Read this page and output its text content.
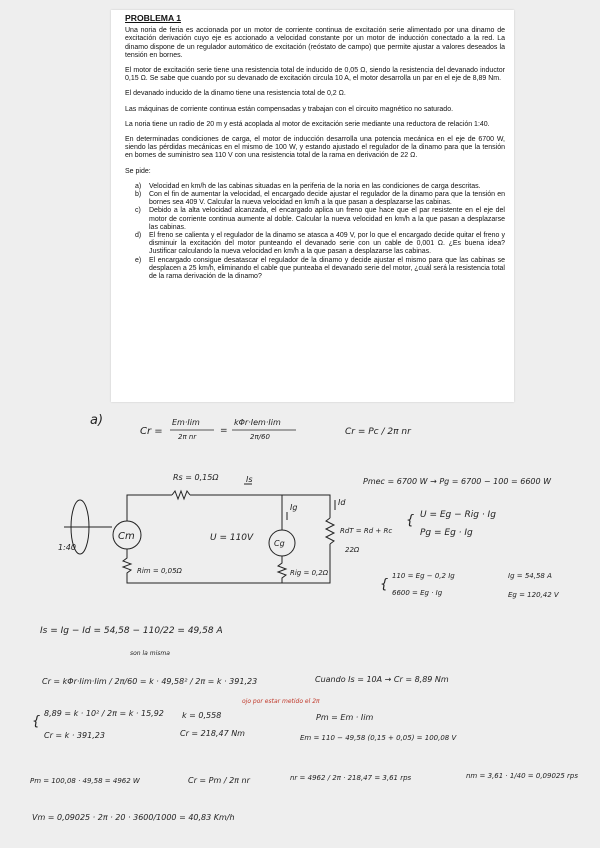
PROBLEMA 1

Una noria de feria es accionada por un motor de corriente continua de excitación serie alimentado por una dinamo de excitación derivación cuyo eje es accionado a velocidad constante por un motor de inducción conectado a la red. La dinamo dispone de un regulador automático de excitación (reóstato de campo) que permite ajustar a valores deseados la tensión en bornes.

El motor de excitación serie tiene una resistencia total de inducido de 0,05 Ω, siendo la resistencia del devanado inductor 0,15 Ω. Se sabe que cuando por su devanado de excitación circula 10 A, el motor desarrolla un par en el eje de 8,89 Nm.

El devanado inducido de la dinamo tiene una resistencia total de 0,2 Ω.

Las máquinas de corriente continua están compensadas y trabajan con el circuito magnético no saturado.

La noria tiene un radio de 20 m y está acoplada al motor de excitación serie mediante una reductora de relación 1:40.

En determinadas condiciones de carga, el motor de inducción desarrolla una potencia mecánica en el eje de 6700 W, siendo las pérdidas mecánicas en el mismo de 100 W, y estando ajustado el regulador de la dinamo para que la tensión en bornes de suministro sea 110 V con una resistencia total de la rama en derivación de 22 Ω.

Se pide:

a) Velocidad en km/h de las cabinas situadas en la periferia de la noria en las condiciones de carga descritas.
b) Con el fin de aumentar la velocidad, el encargado decide ajustar el regulador de la dinamo para que la tensión en bornes sea 409 V. Calcular la nueva velocidad en km/h a la que pasan a desplazarse las cabinas.
c) Debido a la alta velocidad alcanzada, el encargado aplica un freno que hace que el par resistente en el eje del motor de corriente continua aumente al doble. Calcular la nueva velocidad en km/h a la que pasan a desplazarse las cabinas.
d) El freno se calienta y el regulador de la dinamo se atasca a 409 V, por lo que el encargado decide quitar el freno y disminuir la excitación del motor punteando el devanado serie con un cable de 0,001 Ω. ¿Es buena idea? Justificar calculando la nueva velocidad en km/h a la que pasan a desplazarse las cabinas.
e) El encargado consigue desatascar el regulador de la dinamo y decide ajustar el mismo para que las cabinas se desplacen a 25 km/h, eliminando el cable que punteaba el devanado serie del motor, ¿cuál será la resistencia total de la rama derivación de la dinamo?
a)
Cr =
Em·Iim
2π nr
=
kΦr·Iem·Iim
2π/60	Cr = Pc / 2π nr
Rs = 0,15Ω	Is
Ig
Id
U = 110V
Cm
Cg
1:40
Rim = 0,05Ω	Rig = 0,2Ω
RdT = Rd + Rc
22Ω
Pmec = 6700 W → Pg = 6700 − 100 = 6600 W
{ U = Eg − Rig · Ig
Pg = Eg · Ig
{
110 = Eg − 0,2 Ig
6600 = Eg · Ig
Ig = 54,58 A
Eg = 120,42 V
Is = Ig − Id = 54,58 − 110/22 = 49,58 A
son la misma
Cr = kΦr·Iim·Iim / 2π/60 = k · 49,58² / 2π = k · 391,23	Cuando Is = 10A → Cr = 8,89 Nm
ojo por estar metido el 2π
{
8,89 = k · 10² / 2π = k · 15,92
Cr = k · 391,23
k = 0,558
Cr = 218,47 Nm
Pm = Em · Iim
Em = 110 − 49,58 (0,15 + 0,05) = 100,08 V
Pm = 100,08 · 49,58 = 4962 W	Cr = Pm / 2π nr	nr = 4962 / 2π · 218,47 = 3,61 rps	nm = 3,61 · 1/40 = 0,09025 rps
Vm = 0,09025 · 2π · 20 · 3600/1000 = 40,83 Km/h
